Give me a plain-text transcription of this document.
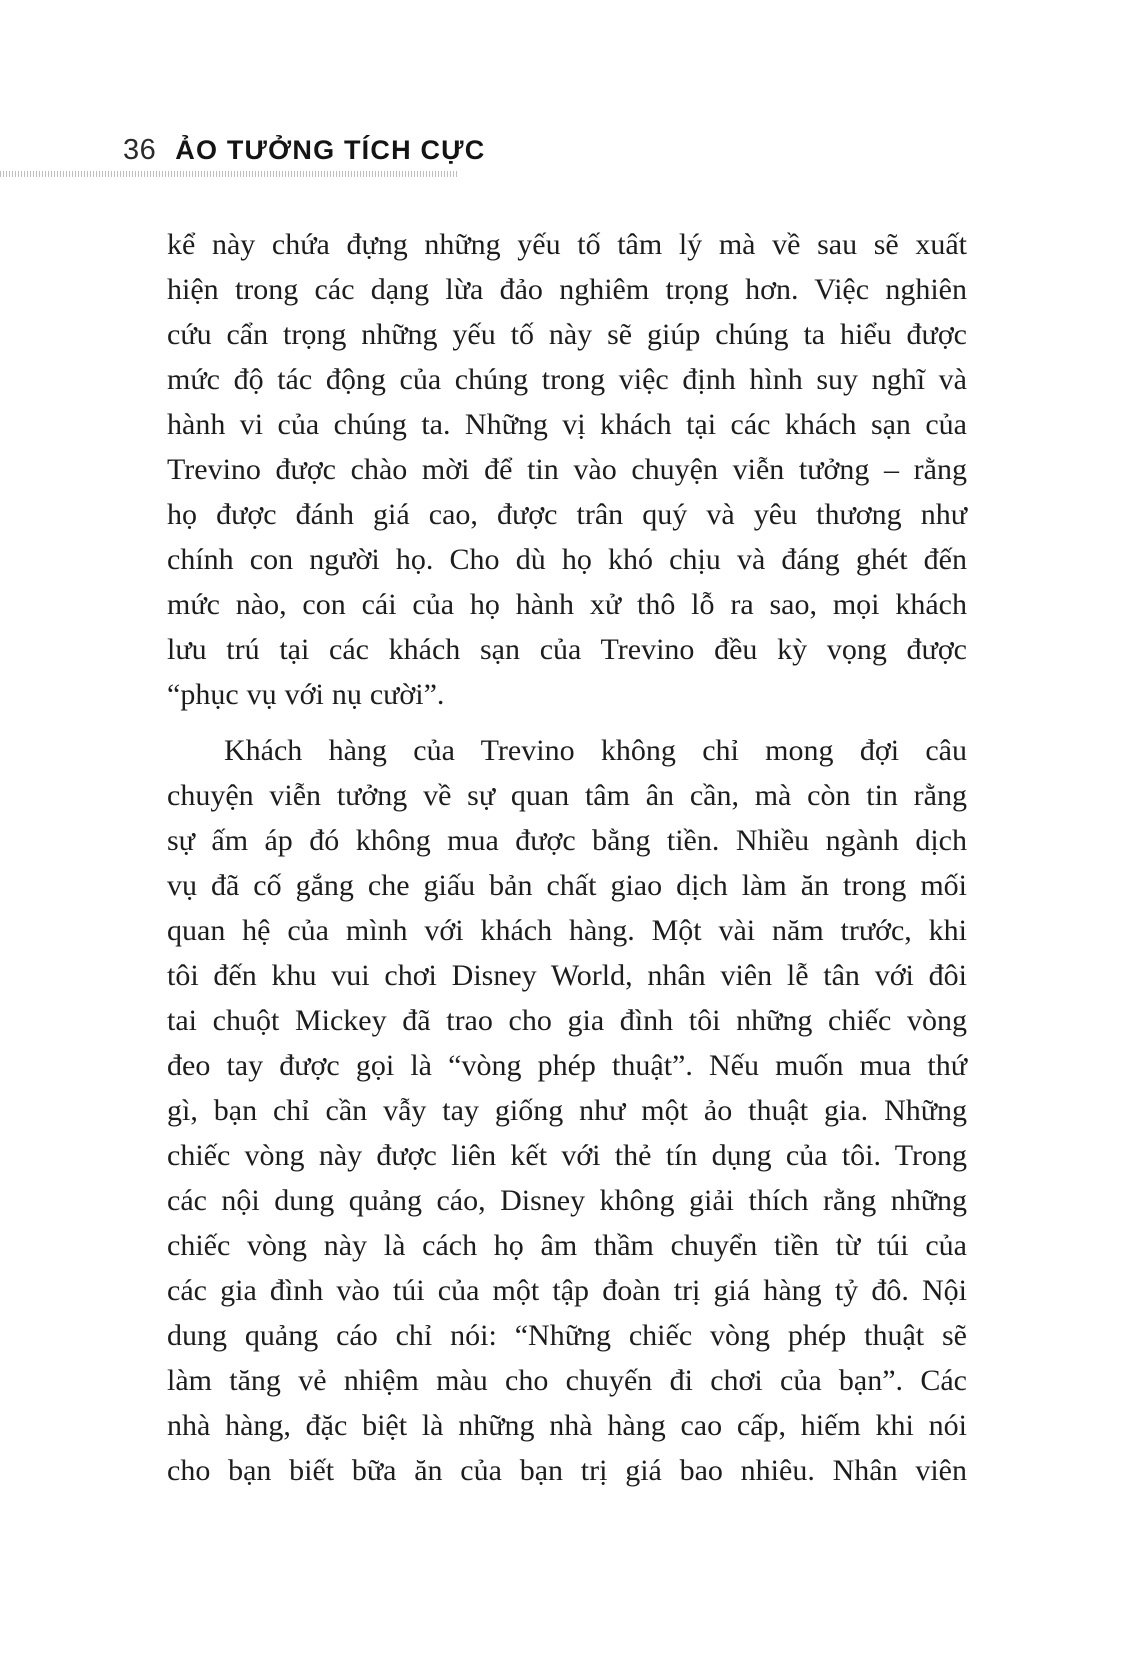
36 ẢO TƯỞNG TÍCH CỰC
kể này chứa đựng những yếu tố tâm lý mà về sau sẽ xuất
hiện trong các dạng lừa đảo nghiêm trọng hơn. Việc nghiên
cứu cẩn trọng những yếu tố này sẽ giúp chúng ta hiểu được
mức độ tác động của chúng trong việc định hình suy nghĩ và
hành vi của chúng ta. Những vị khách tại các khách sạn của
Trevino được chào mời để tin vào chuyện viễn tưởng – rằng
họ được đánh giá cao, được trân quý và yêu thương như
chính con người họ. Cho dù họ khó chịu và đáng ghét đến
mức nào, con cái của họ hành xử thô lỗ ra sao, mọi khách
lưu trú tại các khách sạn của Trevino đều kỳ vọng được
“phục vụ với nụ cười”.
Khách hàng của Trevino không chỉ mong đợi câu
chuyện viễn tưởng về sự quan tâm ân cần, mà còn tin rằng
sự ấm áp đó không mua được bằng tiền. Nhiều ngành dịch
vụ đã cố gắng che giấu bản chất giao dịch làm ăn trong mối
quan hệ của mình với khách hàng. Một vài năm trước, khi
tôi đến khu vui chơi Disney World, nhân viên lễ tân với đôi
tai chuột Mickey đã trao cho gia đình tôi những chiếc vòng
đeo tay được gọi là “vòng phép thuật”. Nếu muốn mua thứ
gì, bạn chỉ cần vẫy tay giống như một ảo thuật gia. Những
chiếc vòng này được liên kết với thẻ tín dụng của tôi. Trong
các nội dung quảng cáo, Disney không giải thích rằng những
chiếc vòng này là cách họ âm thầm chuyển tiền từ túi của
các gia đình vào túi của một tập đoàn trị giá hàng tỷ đô. Nội
dung quảng cáo chỉ nói: “Những chiếc vòng phép thuật sẽ
làm tăng vẻ nhiệm màu cho chuyến đi chơi của bạn”. Các
nhà hàng, đặc biệt là những nhà hàng cao cấp, hiếm khi nói
cho bạn biết bữa ăn của bạn trị giá bao nhiêu. Nhân viên
